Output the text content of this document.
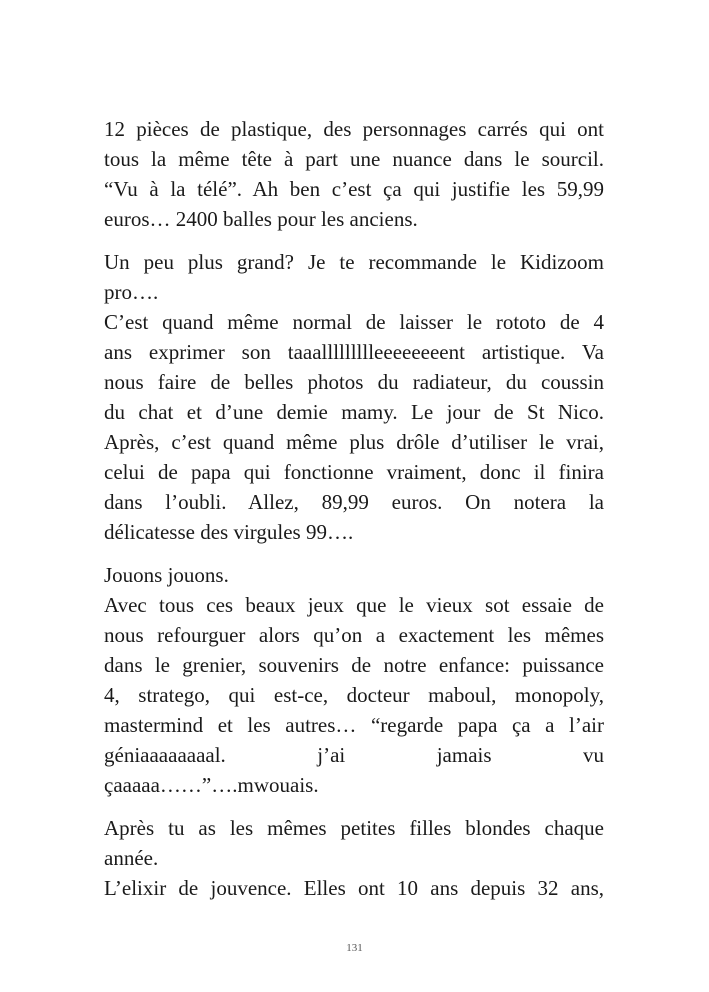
12 pièces de plastique, des personnages carrés qui ont
tous la même tête à part une nuance dans le sourcil.
“Vu à la télé”. Ah ben c’est ça qui justifie les 59,99
euros… 2400 balles pour les anciens.
Un peu plus grand? Je te recommande le Kidizoom
pro….
C’est quand même normal de laisser le rototo de 4
ans exprimer son taaallllllllleeeeeeeent artistique. Va
nous faire de belles photos du radiateur, du coussin
du chat et d’une demie mamy. Le jour de St Nico.
Après, c’est quand même plus drôle d’utiliser le vrai,
celui de papa qui fonctionne vraiment, donc il finira
dans l’oubli. Allez, 89,99 euros. On notera la
délicatesse des virgules 99….
Jouons jouons.
Avec tous ces beaux jeux que le vieux sot essaie de
nous refourguer alors qu’on a exactement les mêmes
dans le grenier, souvenirs de notre enfance: puissance
4, stratego, qui est-ce, docteur maboul, monopoly,
mastermind et les autres… “regarde papa ça a l’air
géniaaaaaaaal. j’ai jamais vu
çaaaaa……”….mwouais.
Après tu as les mêmes petites filles blondes chaque
année.
L’elixir de jouvence. Elles ont 10 ans depuis 32 ans,
131
